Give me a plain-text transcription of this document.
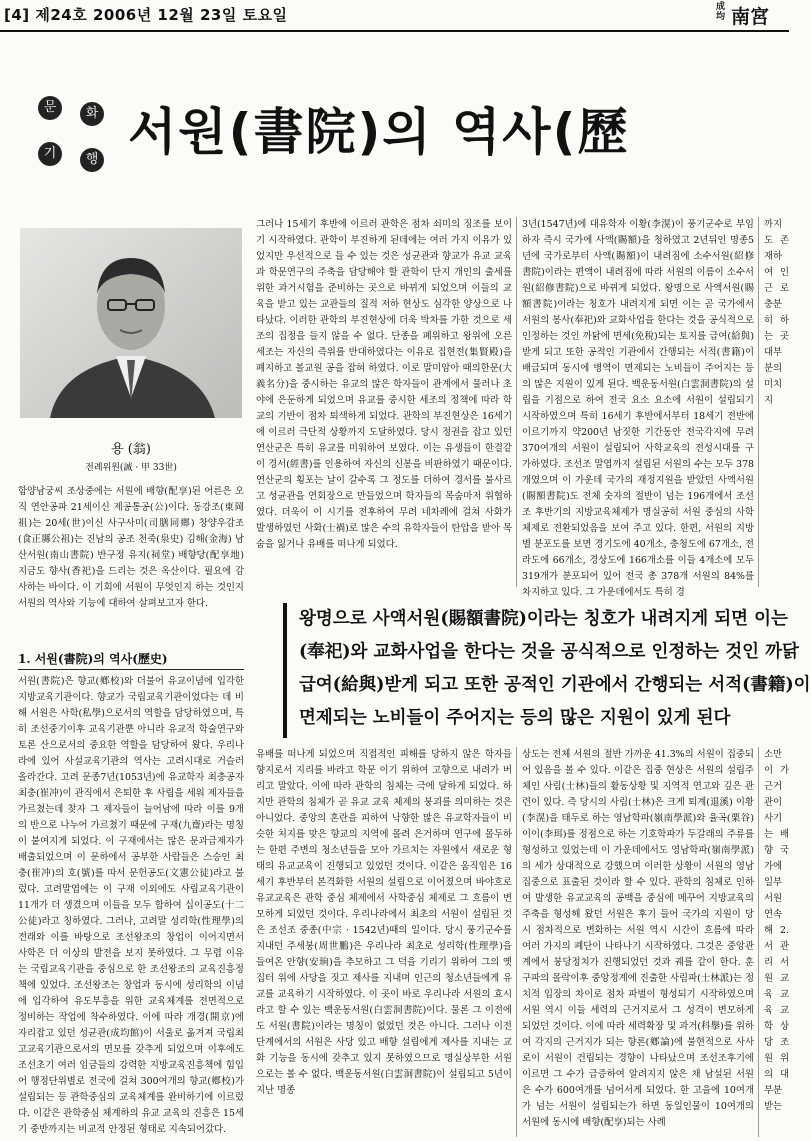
[4] 제24호 2006년 12월 23일 토요일	成均 南宮
문	화
기	행 서원(書院)의 역사(歷
용 (翁)
전례위원(誠 · 甲 33世)
함양남궁씨 조상중에는 서원에 배향(配享)된 어른은 오직 연안공파 21세이신 제공통공(公)이다. 동강조(東岡祖)는 20세(世)이신 사구사미(司膳同鄉) 창양우감조(食正縣公祖)는 진남의 공조 천죽(泉史) 김해(金海) 남산서원(南山書院) 반구정 유지(祠堂) 배향당(配享地) 지금도 향사(香祀)을 드리는 것은 옥산이다. 필요에 감사하는 바이다. 이 기회에 서원이 무엇인지 하는 것인지 서원의 역사와 기능에 대하여 살펴보고자 한다.
1. 서원(書院)의 역사(歷史)
서원(書院)은 향교(鄕校)와 더불어 유교이념에 입각한 지방교육기관이다. 향교가 국립교육기관이었다는 데 비해 서원은 사학(私學)으로서의 역할을 담당하였으며, 특히 조선중기이후 교육기관뿐 아니라 유교적 학술연구와 토론 산으로서의 중요한 역할을 담당하여 왔다. 우리나라에 있어 사설교육기관의 역사는 고려시대로 거슬러 올라간다. 고려 문종7년(1053년)에 유교학자 최충공자 최충(崔冲)이 관직에서 은퇴한 후 사립을 세워 제자들을 가르쳤는데 찾자 그 제자들이 늘어남에 따라 이를 9개의 반으로 나누어 가르쳤기 때문에 구재(九齋)라는 명칭이 붙여지게 되었다. 이 구재에서는 많은 문과급제자가 배출되었으며 이 문하에서 공부한 사람들은 스승인 최충(崔冲)의 호(號)를 따서 문헌공도(文憲公徒)라고 불렀다. 고려말엽에는 이 구재 이외에도 사립교육기관이 11개가 더 생겼으며 이들을 모두 합하여 십이공도(十二公徒)라고 칭하였다. 그러나, 고려말 성리학(性理學)의 전래와 이를 바탕으로 조선왕조의 창업이 이어지면서 사학은 더 이상의 발전을 보지 못하였다. 그 무렵 이유는 국립교육기관을 중심으로 한 조선왕조의 교육진흥정책에 있었다. 조선왕조는 창업과 동시에 성리학의 이념에 입각하여 유도부흥을 위한 교육체계를 전면적으로 정비하는 작업에 착수하였다. 이에 따라 개경(開京)에 자리잡고 있던 성균관(成均館)이 서울로 옮겨져 국립최고교육기관으로서의 면모를 갖추게 되었으며 이후에도 조선초기 여러 임금들의 강력한 지방교육진흥책에 힘입어 행정단위별로 전국에 걸쳐 300여개의 향교(鄕校)가 설립되는 등 관학중심의 교육체계를 완비하기에 이르렀다. 이같은 관학중심 체계하의 유교 교육의 진흥은 15세기 중반까지는 비교적 안정된 형태로 지속되어갔다.
그러나 15세기 후반에 이르러 관학은 점차 쇠미의 징조를 보이기 시작하였다. 관학이 부진하게 된데에는 여러 가지 이유가 있었지만 우선적으로 들 수 있는 것은 성균관과 향교가 유교 교육과 학문연구의 주축을 담당해야 할 관학이 단지 개인의 출세를 위한 과거시험을 준비하는 곳으로 바뀌게 되었으며 이들의 교육을 받고 있는 교관들의 질적 저하 현상도 심각한 양상으로 나타났다. 이러한 관학의 부진현상에 더욱 박차를 가한 것으로 세조의 집정을 들지 않을 수 없다. 단종을 폐위하고 왕위에 오른 세조는 자신의 즉위를 반대하였다는 이유로 집현전(集賢殿)을 폐지하고 볼교원 공을 잡혀 하였다. 이로 말미암아 때의한문(大義名分)을 중시하는 유교의 많은 학자들이 관계에서 물러나 초야에 은둔하게 되었으며 유교를 중시한 세조의 정책에 따라 학교의 기반이 점차 퇴색하게 되었다. 관학의 부진현상은 16세기에 이르러 극단적 상황까지 도달하였다. 당시 정권을 잡고 있던 연산군은 특히 유교를 미워하여 보였다. 이는 유생들이 한결같이 경서(經書)를 인용하여 자신의 신봉을 비판하였기 때문이다. 연산군의 횡포는 날이 갈수록 그 정도를 더하여 경서를 불사르고 성균관을 연회장으로 만들었으며 학자들의 목숨마저 위협하였다. 더욱이 이 시기를 전후하여 무려 네차례에 걸쳐 사화가 발생하였던 사화(士禍)로 많은 수의 유학자들이 탄압을 받아 목숨을 잃거나 유배를 떠나게 되었다.
3년(1547년)에 대유학자 이황(李滉)이 풍기군수로 부임하자 즉시 국가에 사액(賜額)을 청하였고 2년뒤인 명종5년에 국가로부터 사액(賜額)이 내려짐에 소수서원(紹修書院)이라는 편액이 내려짐에 따라 서원의 이름이 소수서원(紹修書院)으로 바뀌게 되었다. 왕명으로 사액서원(賜額書院)이라는 칭호가 내려지게 되면 이는 곧 국가에서 서원의 봉사(奉祀)와 교화사업을 한다는 것을 공식적으로 인정하는 것인 까닭에 면세(免稅)되는 토지를 급여(給與)받게 되고 또한 공적인 기관에서 간행되는 서적(書籍)이 배급되며 동시에 병역이 면제되는 노비들이 주어지는 등의 많은 지원이 있게 된다. 백운동서원(白雲洞書院)의 설립을 기점으로 하여 전국 요소 요소에 서원이 설립되기 시작하였으며 특히 16세기 후반에서부터 18세기 전반에 이르기까지 약200년 남짓한 기간동안 전국각지에 무려 370여개의 서원이 설립되어 사학교육의 전성시대를 구가하였다. 조선조 말엽까지 설립된 서원의 수는 모두 378개였으며 이 가운데 국가의 재정지원을 받았던 사액서원(賜額書院)도 전체 숫자의 절반이 넘는 196개에서 조선조 후반기의 지방교육체제가 명실공히 서원 중심의 사학체제로 전환되었음을 보여 주고 있다. 한편, 서원의 지방별 분포도를 보면 경기도에 40개소, 충청도에 67개소, 전라도에 66개소, 경상도에 166개소를 이들 4개소에 모두 319개가 분포되어 있어 전국 총 378개 서원의 84%를 차지하고 있다. 그 가운데에서도 특히 경
까지도 존재하여 인근 로 충분히 하는 곳 대부분의 미치지
왕명으로 사액서원(賜額書院)이라는 칭호가 내려지게 되면 이는
(奉祀)와 교화사업을 한다는 것을 공식적으로 인정하는 것인 까닭
급여(給與)받게 되고 또한 공적인 기관에서 간행되는 서적(書籍)이
면제되는 노비들이 주어지는 등의 많은 지원이 있게 된다
유배를 떠나게 되었으며 직접적인 피해를 당하지 않은 학자들 향지로서 지리를 바라고 학문 이기 위하여 고향으로 내려가 버리고 말았다. 이에 따라 관학의 침체는 극에 달하게 되었다. 하지만 관학의 침체가 곧 유교 교육 체제의 붕괴를 의미하는 것은 아니었다. 중앙의 혼란을 피하여 낙향한 많은 유교학자들이 비슷한 처지를 맞은 향교의 지역에 몰려 은거하며 연구에 몰두하는 한편 주변의 청소년들을 모아 가르치는 자원에서 새로운 형태의 유교교육이 진행되고 있었던 것이다. 이같은 움직임은 16세기 후반부터 본격화한 서원의 설립으로 이어졌으며 바야흐로 유교교육은 관학 중심 체제에서 사학중심 체제로 그 흐름이 변모하게 되었던 것이다. 우리나라에서 최초의 서원이 설립된 것은 조선조 중종(中宗 · 1542년)때의 일이다. 당시 풍기군수를 지내던 주세붕(周世鵬)은 우리나라 최초로 성리학(性理學)을 들여온 안향(安珦)을 추모하고 그 덕을 기리기 위하여 그의 옛집터 위에 사당을 짓고 제사를 지내며 인근의 청소년들에게 유교를 교육하기 시작하였다. 이 곳이 바로 우리나라 서원의 효시라고 할 수 있는 백운동서원(白雲洞書院)이다. 물론 그 이전에도 서원(書院)이라는 명칭이 없었던 것은 아니다. 그러나 이전 단계에서의 서원은 사당 있고 배향 설립에게 제사를 지내는 교화 기능을 동시에 갖추고 있지 못하였으므로 명실상부한 서원으로는 볼 수 없다. 백운동서원(白雲洞書院)이 설립되고 5년이 지난 명종
상도는 전체 서원의 절반 가까운 41.3%의 서원이 집중되어 있음을 볼 수 있다. 이같은 집중 현상은 서원의 설립주체인 사림(士林)들의 활동상황 및 지역적 연고와 깊은 관련이 있다. 즉 당시의 사림(士林)은 크게 퇴계(退溪) 이황(李滉)을 태두로 하는 영남학파(嶺南學派)와 율곡(栗谷) 이이(李珥)를 정점으로 하는 기호학파가 두갈래의 주류를 형성하고 있었는데 이 가운데에서도 영남학파(嶺南學派)의 세가 상대적으로 강했으며 이러한 상황이 서원의 영남 집중으로 표출된 것이라 할 수 있다. 관학의 침체로 인하여 발생한 유교교육의 공백을 중심에 메꾸어 지방교육의 주축을 형성해 왔던 서원은 후기 들어 국가의 지원이 당시 점차적으로 변화하는 서원 역시 시간이 흐름에 따라 여러 가지의 폐단이 나타나기 시작하였다. 그것은 중앙관계에서 붕당정치가 진행되었던 것과 궤를 같이 한다. 훈구파의 몰락이후 중앙정계에 진출한 사림파(士林派)는 정치적 입장의 차이로 점차 파벌이 형성되기 시작하였으며 서원 역시 이들 세력의 근거지로서 그 성격이 변모하게 되었던 것이다. 이에 따라 세력확장 및 과거(科擧)를 위하여 각지의 근거지가 되는 향론(鄕論)에 불현적으로 사사로이 서원이 건립되는 경향이 나타났으며 조선조후기에 이르면 그 수가 급증하여 알려지지 않은 채 남설된 서원은 수가 600여개를 넘어서게 되었다. 한 고을에 10여개가 넘는 서원이 설립되는가 하면 동일인물이 10여개의 서원에 동시에 배향(配享)되는 사례
소만이 가 근거 관이 사기는 배향 국가에 일부 서원 연속해 2. 서 관리 서원 교육 교육 교학 상당 조 원 위의 대부분 받는
